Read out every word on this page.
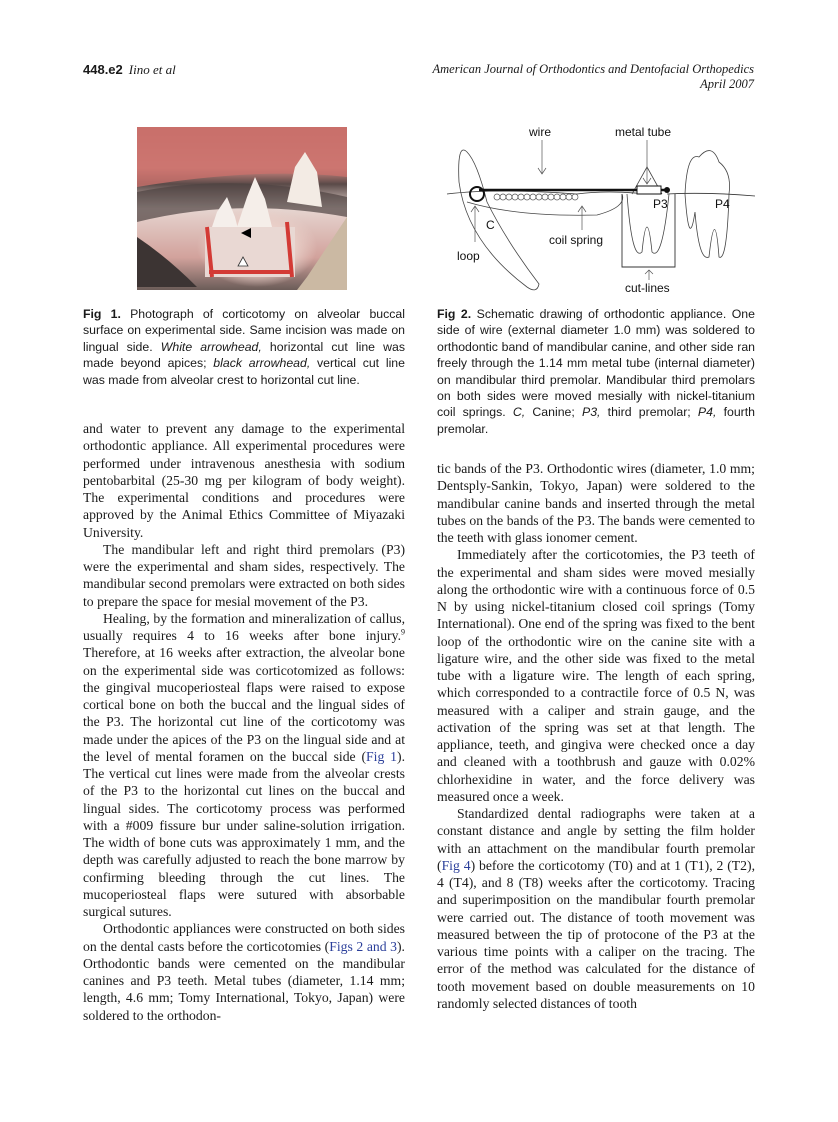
448.e2 Iino et al	American Journal of Orthodontics and Dentofacial Orthopedics
April 2007
wire	metal tube
P3	P4
C
coil spring
loop
cut-lines
Fig 1. Photograph of corticotomy on alveolar buccal surface on experimental side. Same incision was made on lingual side. White arrowhead, horizontal cut line was made beyond apices; black arrowhead, vertical cut line was made from alveolar crest to horizontal cut line.
Fig 2. Schematic drawing of orthodontic appliance. One side of wire (external diameter 1.0 mm) was soldered to orthodontic band of mandibular canine, and other side ran freely through the 1.14 mm metal tube (internal diameter) on mandibular third premolar. Mandibular third premolars on both sides were moved mesially with nickel-titanium coil springs. C, Canine; P3, third premolar; P4, fourth premolar.

and water to prevent any damage to the experimental orthodontic appliance. All experimental procedures were performed under intravenous anesthesia with sodium pentobarbital (25-30 mg per kilogram of body weight). The experimental conditions and procedures were approved by the Animal Ethics Committee of Miyazaki University.

The mandibular left and right third premolars (P3) were the experimental and sham sides, respectively. The mandibular second premolars were extracted on both sides to prepare the space for mesial movement of the P3.

Healing, by the formation and mineralization of callus, usually requires 4 to 16 weeks after bone injury.$^9$ Therefore, at 16 weeks after extraction, the alveolar bone on the experimental side was corticotomized as follows: the gingival mucoperiosteal flaps were raised to expose cortical bone on both the buccal and the lingual sides of the P3. The horizontal cut line of the corticotomy was made under the apices of the P3 on the lingual side and at the level of mental foramen on the buccal side (Fig 1). The vertical cut lines were made from the alveolar crests of the P3 to the horizontal cut lines on the buccal and lingual sides. The corticotomy process was performed with a #009 fissure bur under saline-solution irrigation. The width of bone cuts was approximately 1 mm, and the depth was carefully adjusted to reach the bone marrow by confirming bleeding through the cut lines. The mucoperiosteal flaps were sutured with absorbable surgical sutures.

Orthodontic appliances were constructed on both sides on the dental casts before the corticotomies (Figs 2 and 3). Orthodontic bands were cemented on the mandibular canines and P3 teeth. Metal tubes (diameter, 1.14 mm; length, 4.6 mm; Tomy International, Tokyo, Japan) were soldered to the orthodon-

tic bands of the P3. Orthodontic wires (diameter, 1.0 mm; Dentsply-Sankin, Tokyo, Japan) were soldered to the mandibular canine bands and inserted through the metal tubes on the bands of the P3. The bands were cemented to the teeth with glass ionomer cement.

Immediately after the corticotomies, the P3 teeth of the experimental and sham sides were moved mesially along the orthodontic wire with a continuous force of 0.5 N by using nickel-titanium closed coil springs (Tomy International). One end of the spring was fixed to the bent loop of the orthodontic wire on the canine site with a ligature wire, and the other side was fixed to the metal tube with a ligature wire. The length of each spring, which corresponded to a contractile force of 0.5 N, was measured with a caliper and strain gauge, and the activation of the spring was set at that length. The appliance, teeth, and gingiva were checked once a day and cleaned with a toothbrush and gauze with 0.02% chlorhexidine in water, and the force delivery was measured once a week.

Standardized dental radiographs were taken at a constant distance and angle by setting the film holder with an attachment on the mandibular fourth premolar (Fig 4) before the corticotomy (T0) and at 1 (T1), 2 (T2), 4 (T4), and 8 (T8) weeks after the corticotomy. Tracing and superimposition on the mandibular fourth premolar were carried out. The distance of tooth movement was measured between the tip of protocone of the P3 at the various time points with a caliper on the tracing. The error of the method was calculated for the distance of tooth movement based on double measurements on 10 randomly selected distances of tooth
